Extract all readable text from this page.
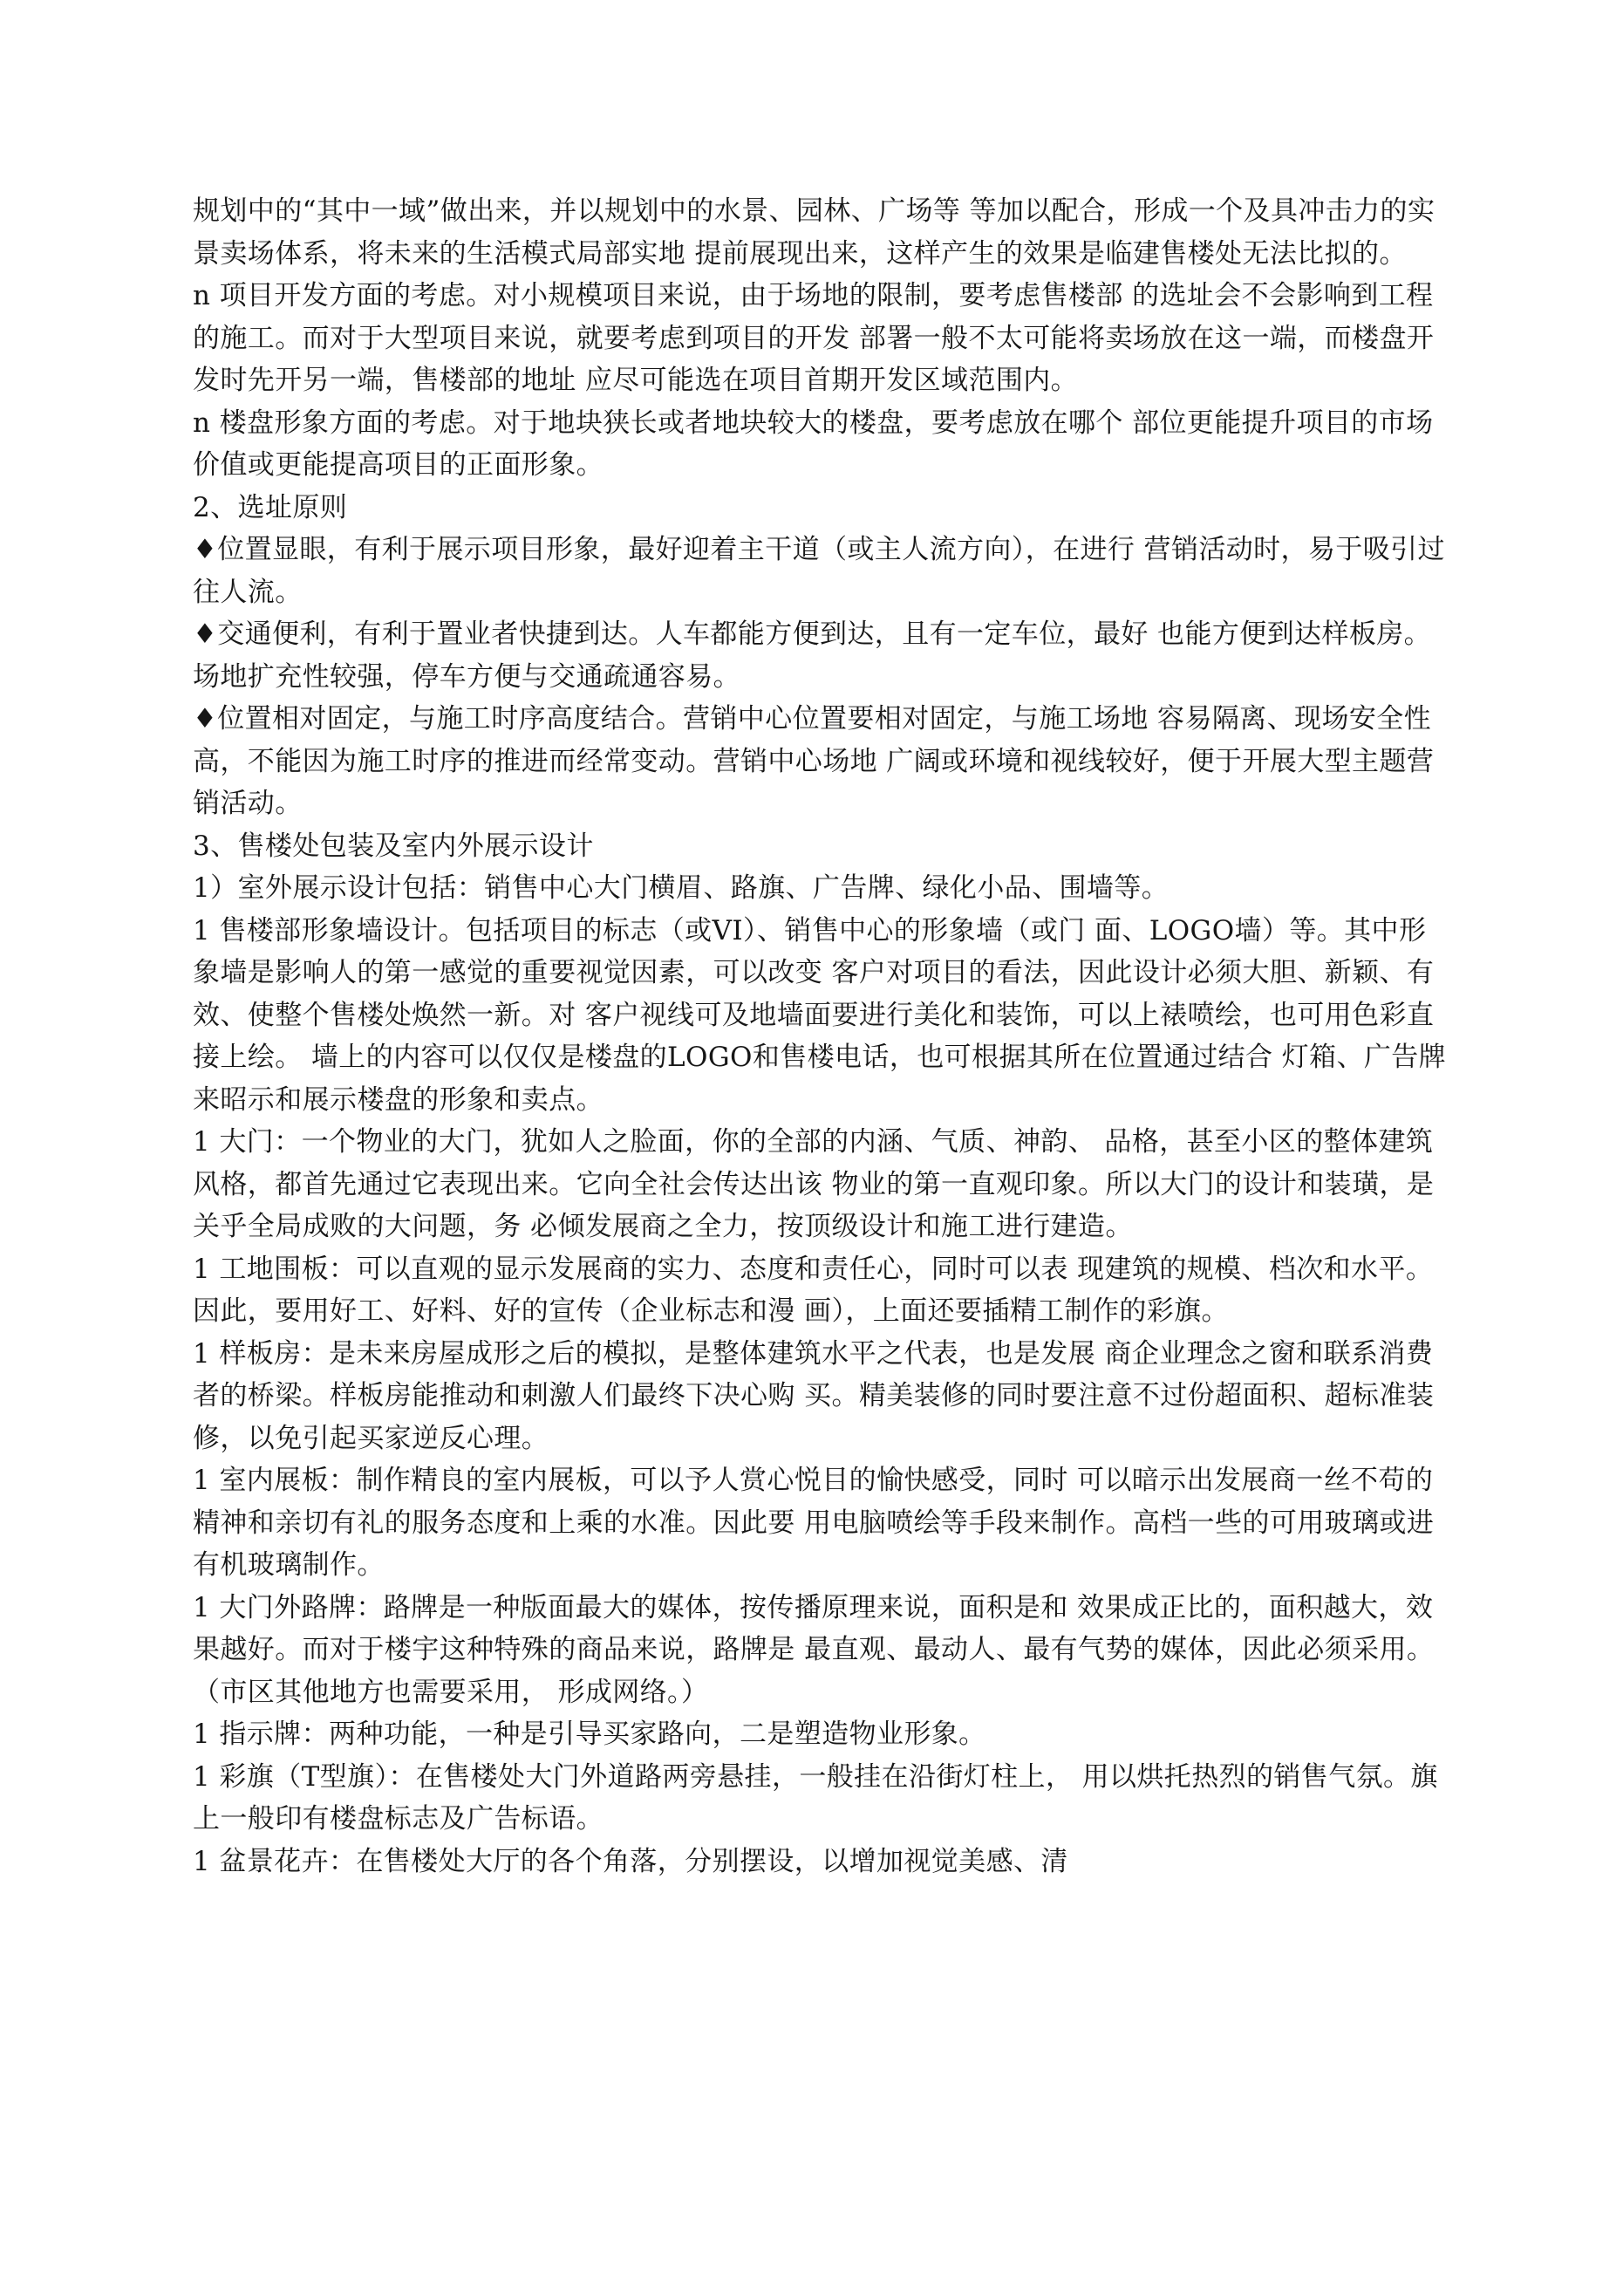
规划中的“其中一域”做出来，并以规划中的水景、园林、广场等 等加以配合，形成一个及具冲击力的实景卖场体系，将未来的生活模式局部实地 提前展现出来，这样产生的效果是临建售楼处无法比拟的。

n 项目开发方面的考虑。对小规模项目来说，由于场地的限制，要考虑售楼部 的选址会不会影响到工程的施工。而对于大型项目来说，就要考虑到项目的开发 部署一般不太可能将卖场放在这一端，而楼盘开发时先开另一端，售楼部的地址 应尽可能选在项目首期开发区域范围内。

n 楼盘形象方面的考虑。对于地块狭长或者地块较大的楼盘，要考虑放在哪个 部位更能提升项目的市场价值或更能提高项目的正面形象。

2、选址原则

♦位置显眼，有利于展示项目形象，最好迎着主干道（或主人流方向），在进行 营销活动时，易于吸引过往人流。

♦交通便利，有利于置业者快捷到达。人车都能方便到达，且有一定车位，最好 也能方便到达样板房。场地扩充性较强，停车方便与交通疏通容易。

♦位置相对固定，与施工时序高度结合。营销中心位置要相对固定，与施工场地 容易隔离、现场安全性高，不能因为施工时序的推进而经常变动。营销中心场地 广阔或环境和视线较好，便于开展大型主题营销活动。

3、售楼处包装及室内外展示设计

1）室外展示设计包括：销售中心大门横眉、路旗、广告牌、绿化小品、围墙等。

1 售楼部形象墙设计。包括项目的标志（或VI）、销售中心的形象墙（或门 面、LOGO墙）等。其中形象墙是影响人的第一感觉的重要视觉因素，可以改变 客户对项目的看法，因此设计必须大胆、新颖、有效、使整个售楼处焕然一新。对 客户视线可及地墙面要进行美化和装饰，可以上裱喷绘，也可用色彩直接上绘。 墙上的内容可以仅仅是楼盘的LOGO和售楼电话，也可根据其所在位置通过结合 灯箱、广告牌来昭示和展示楼盘的形象和卖点。

1 大门：一个物业的大门，犹如人之脸面，你的全部的内涵、气质、神韵、 品格，甚至小区的整体建筑风格，都首先通过它表现出来。它向全社会传达出该 物业的第一直观印象。所以大门的设计和装璜，是关乎全局成败的大问题，务 必倾发展商之全力，按顶级设计和施工进行建造。

1 工地围板：可以直观的显示发展商的实力、态度和责任心，同时可以表 现建筑的规模、档次和水平。因此，要用好工、好料、好的宣传（企业标志和漫 画），上面还要插精工制作的彩旗。

1 样板房：是未来房屋成形之后的模拟，是整体建筑水平之代表，也是发展 商企业理念之窗和联系消费者的桥梁。样板房能推动和刺激人们最终下决心购 买。精美装修的同时要注意不过份超面积、超标准装修，以免引起买家逆反心理。

1 室内展板：制作精良的室内展板，可以予人赏心悦目的愉快感受，同时 可以暗示出发展商一丝不苟的精神和亲切有礼的服务态度和上乘的水准。因此要 用电脑喷绘等手段来制作。高档一些的可用玻璃或进有机玻璃制作。

1 大门外路牌：路牌是一种版面最大的媒体，按传播原理来说，面积是和 效果成正比的，面积越大，效果越好。而对于楼宇这种特殊的商品来说，路牌是 最直观、最动人、最有气势的媒体，因此必须采用。（市区其他地方也需要采用， 形成网络。）

1 指示牌：两种功能，一种是引导买家路向，二是塑造物业形象。

1 彩旗（T型旗）：在售楼处大门外道路两旁悬挂，一般挂在沿街灯柱上， 用以烘托热烈的销售气氛。旗上一般印有楼盘标志及广告标语。

1 盆景花卉：在售楼处大厅的各个角落，分别摆设，以增加视觉美感、清
